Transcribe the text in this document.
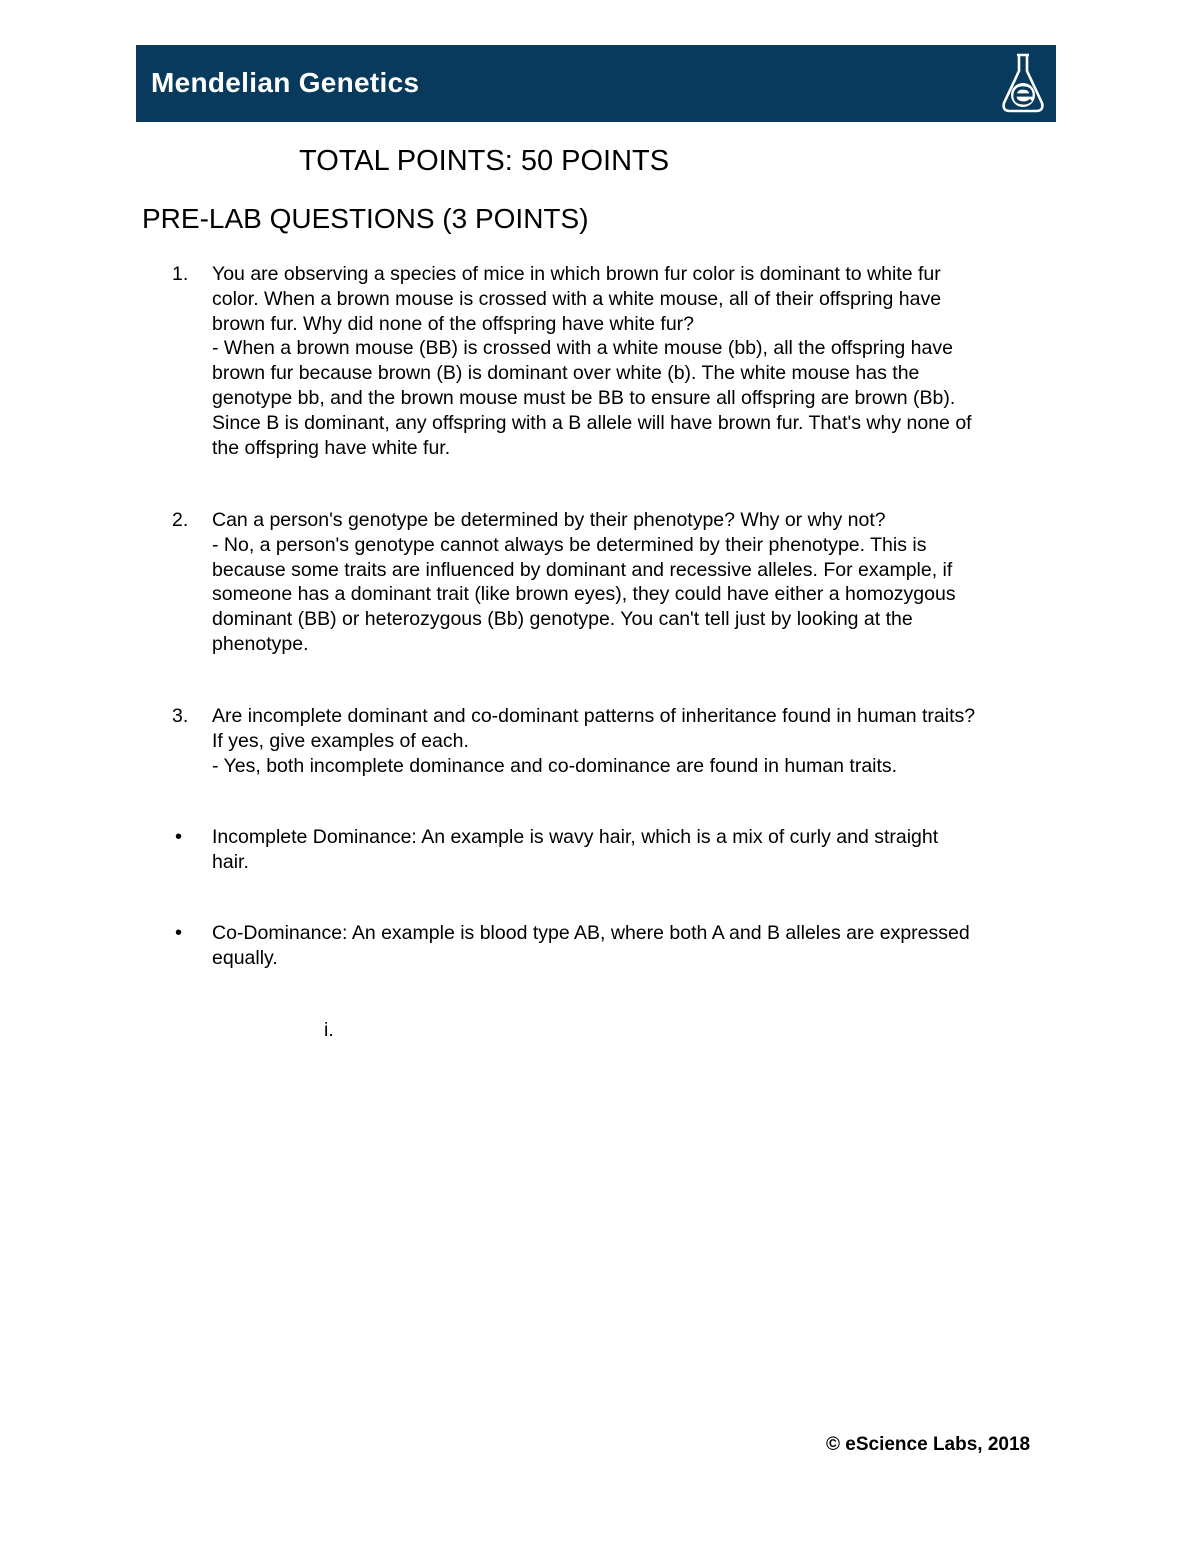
Mendelian Genetics
TOTAL POINTS: 50 POINTS
PRE-LAB QUESTIONS (3 POINTS)
1.	You are observing a species of mice in which brown fur color is dominant to white fur
color. When a brown mouse is crossed with a white mouse, all of their offspring have
brown fur. Why did none of the offspring have white fur?
- When a brown mouse (BB) is crossed with a white mouse (bb), all the offspring have
brown fur because brown (B) is dominant over white (b). The white mouse has the
genotype bb, and the brown mouse must be BB to ensure all offspring are brown (Bb).
Since B is dominant, any offspring with a B allele will have brown fur. That's why none of
the offspring have white fur.
2.	Can a person's genotype be determined by their phenotype? Why or why not?
- No, a person's genotype cannot always be determined by their phenotype. This is
because some traits are influenced by dominant and recessive alleles. For example, if
someone has a dominant trait (like brown eyes), they could have either a homozygous
dominant (BB) or heterozygous (Bb) genotype. You can't tell just by looking at the
phenotype.
3.	Are incomplete dominant and co-dominant patterns of inheritance found in human traits?
If yes, give examples of each.
- Yes, both incomplete dominance and co-dominance are found in human traits.
• Incomplete Dominance: An example is wavy hair, which is a mix of curly and straight
hair.
• Co-Dominance: An example is blood type AB, where both A and B alleles are expressed
equally.
i.
© eScience Labs, 2018
